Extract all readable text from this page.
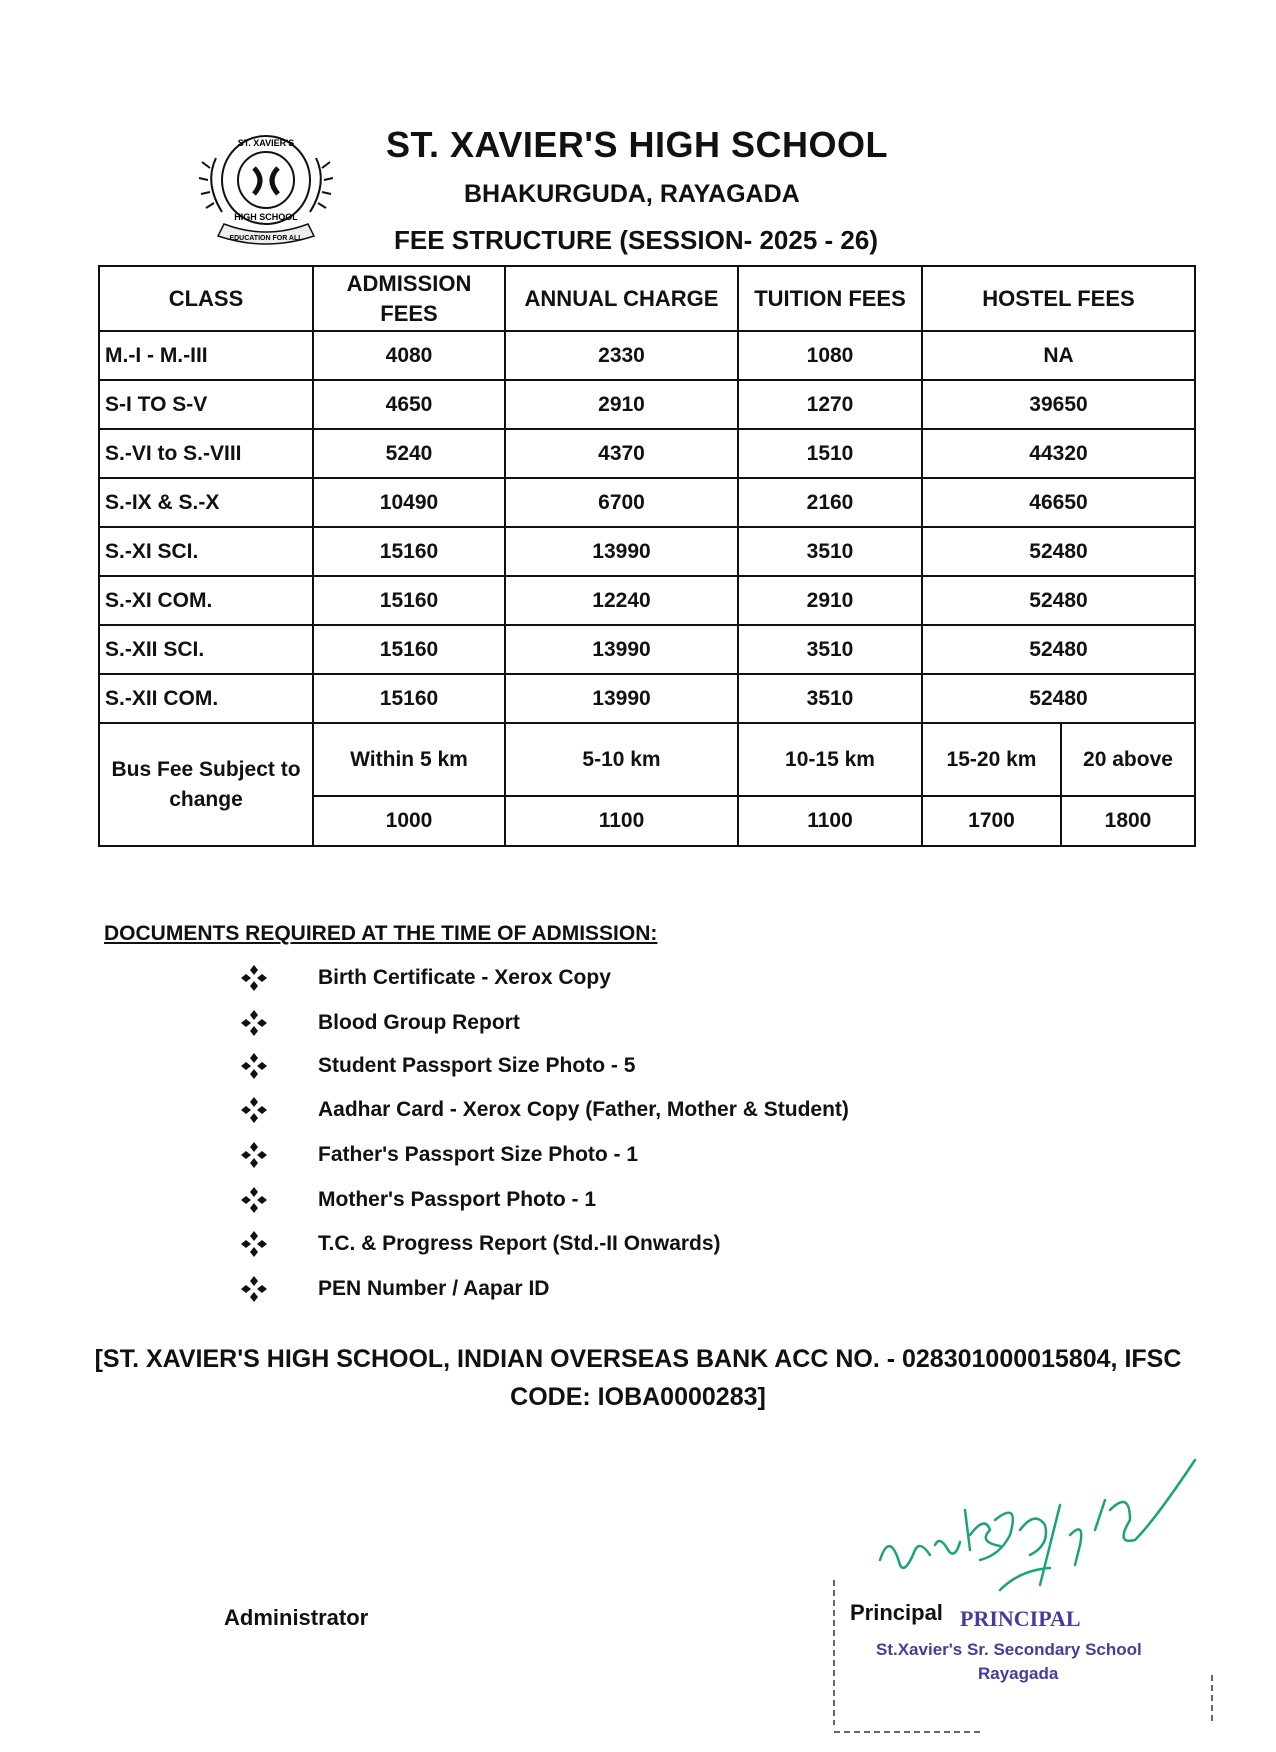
EDUCATION FOR ALL
ST. XAVIER'S
HIGH SCHOOL
ST. XAVIER'S HIGH SCHOOL
BHAKURGUDA, RAYAGADA
FEE STRUCTURE (SESSION- 2025 - 26)
CLASS	ADMISSION FEES	ANNUAL CHARGE	TUITION FEES	HOSTEL FEES	
M.-I - M.-III	4080	2330	1080	NA	
S-I TO S-V	4650	2910	1270	39650	
S.-VI to S.-VIII	5240	4370	1510	44320	
S.-IX & S.-X	10490	6700	2160	46650	
S.-XI SCI.	15160	13990	3510	52480	
S.-XI COM.	15160	12240	2910	52480	
S.-XII SCI.	15160	13990	3510	52480	
S.-XII COM.	15160	13990	3510	52480	
Bus Fee Subject to change	Within 5 km	5-10 km	10-15 km	15-20 km	20 above
	1000	1100	1100	1700	1800
DOCUMENTS REQUIRED AT THE TIME OF ADMISSION:
Birth Certificate - Xerox Copy
Blood Group Report
Student Passport Size Photo - 5
Aadhar Card - Xerox Copy (Father, Mother & Student)
Father's Passport Size Photo - 1
Mother's Passport Photo - 1
T.C. & Progress Report (Std.-II Onwards)
PEN Number / Aapar ID
[ST. XAVIER'S HIGH SCHOOL, INDIAN OVERSEAS BANK ACC NO. - 028301000015804, IFSC
CODE: IOBA0000283]
Administrator
31/7/25
Principal PRINCIPAL
St.Xavier's Sr. Secondary School
Rayagada
